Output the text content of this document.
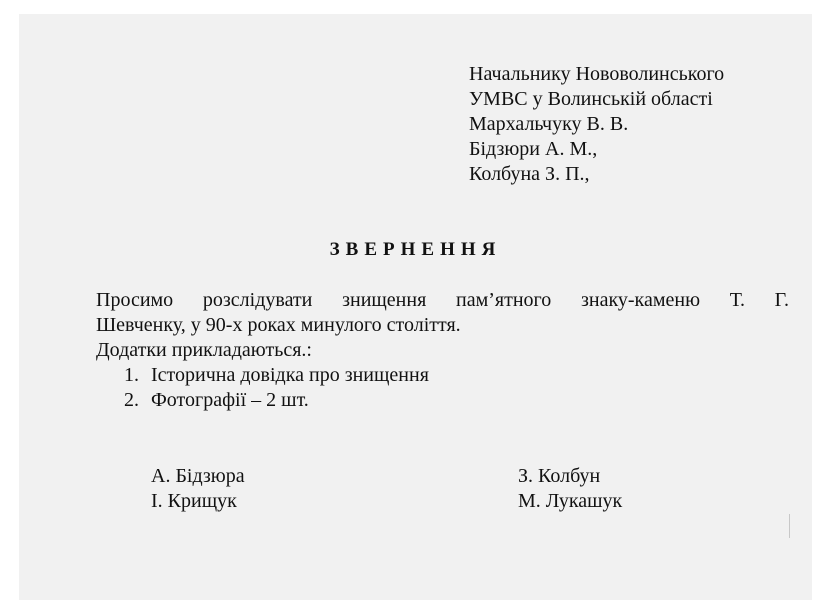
Начальнику Нововолинського
УМВС у Волинській області
Мархальчуку В. В.
Бідзюри А. М.,
Колбуна З. П.,
ЗВЕРНЕННЯ
Просимо розслідувати знищення пам’ятного знаку-каменю Т. Г.
Шевченку, у 90-х роках минулого століття.
Додатки прикладаються.:
1. Історична довідка про знищення
2. Фотографії – 2 шт.
А. Бідзюра
І. Крищук
З. Колбун
М. Лукашук
